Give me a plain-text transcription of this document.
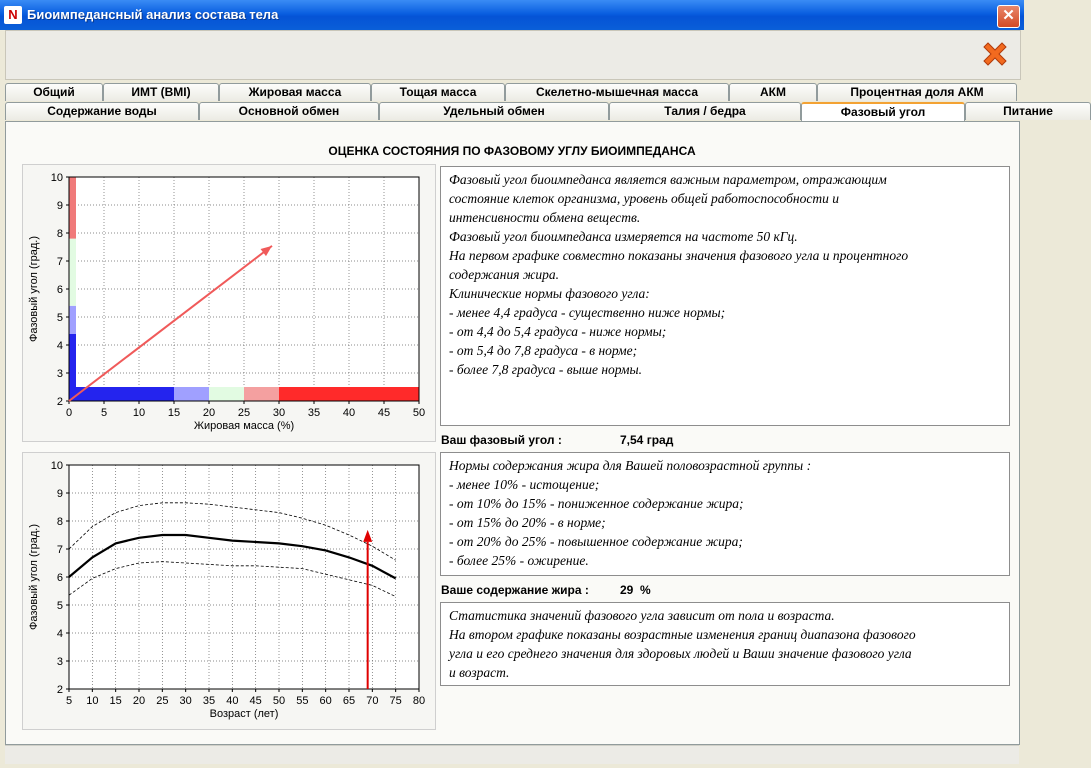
N Биоимпедансный анализ состава тела	✕
Общий	ИМТ (BMI)	Жировая масса	Тощая масса	Скелетно-мышечная масса	АКМ	Процентная доля АКМ
Содержание воды	Основной обмен	Удельный обмен	Талия / бедра	Фазовый угол	Питание
ОЦЕНКА СОСТОЯНИЯ ПО ФАЗОВОМУ УГЛУ БИОИМПЕДАНСА
0	5 10 15 20 25 30 35 40 45 50
2
3
4
5
6
7
8
9
10
Жировая масса (%)
Фазовый угол (град.)
5 10 15 20 25 30 35 40 45 50 55 60 65 70 75 80
2
3
4
5
6
7
8
9
10
Возраст (лет)
Фазовый угол (град.)
Фазовый угол биоимпеданса является важным параметром, отражающим
состояние клеток организма, уровень общей работоспособности и
интенсивности обмена веществ.
Фазовый угол биоимпеданса измеряется на частоте 50 кГц.
На первом графике совместно показаны значения фазового угла и процентного
содержания жира.
Клинические нормы фазового угла:
- менее 4,4 градуса - существенно ниже нормы;
- от 4,4 до 5,4 градуса - ниже нормы;
- от 5,4 до 7,8 градуса - в норме;
- более 7,8 градуса - выше нормы.
Ваш фазовый угол :	7,54 град
Нормы содержания жира для Вашей половозрастной группы :
- менее 10% - истощение;
- от 10% до 15% - пониженное содержание жира;
- от 15% до 20% - в норме;
- от 20% до 25% - повышенное содержание жира;
- более 25% - ожирение.
Ваше содержание жира :	29  %
Статистика значений фазового угла зависит от пола и возраста.
На втором графике показаны возрастные изменения границ диапазона фазового
угла и его среднего значения для здоровых людей и Ваши значение фазового угла
и возраст.
